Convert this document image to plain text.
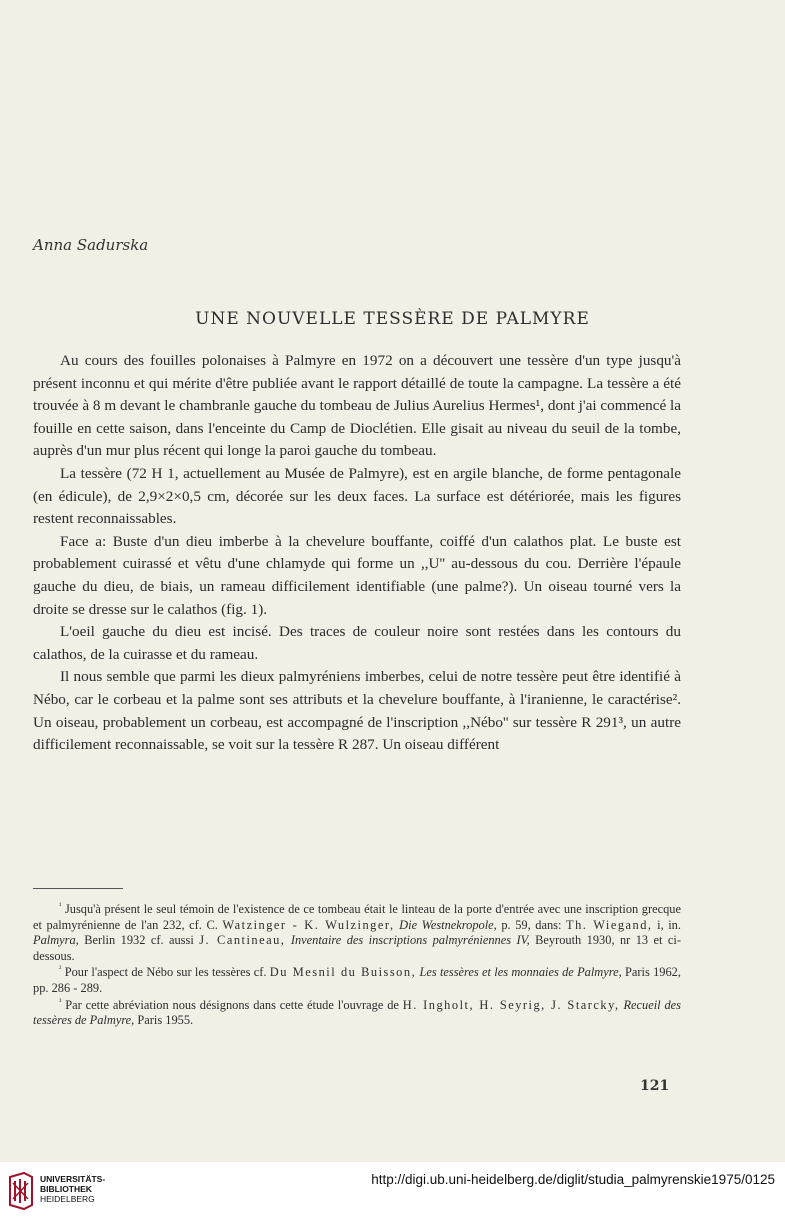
Anna Sadurska
UNE NOUVELLE TESSÈRE DE PALMYRE

Au cours des fouilles polonaises à Palmyre en 1972 on a découvert une tessère d'un type jusqu'à présent inconnu et qui mérite d'être publiée avant le rapport détaillé de toute la campagne. La tessère a été trouvée à 8 m devant le chambranle gauche du tombeau de Julius Aurelius Hermes¹, dont j'ai commencé la fouille en cette saison, dans l'enceinte du Camp de Dioclétien. Elle gisait au niveau du seuil de la tombe, auprès d'un mur plus récent qui longe la paroi gauche du tombeau.

La tessère (72 H 1, actuellement au Musée de Palmyre), est en argile blanche, de forme pentagonale (en édicule), de 2,9×2×0,5 cm, décorée sur les deux faces. La surface est détériorée, mais les figures restent reconnaissables.

Face a: Buste d'un dieu imberbe à la chevelure bouffante, coiffé d'un calathos plat. Le buste est probablement cuirassé et vêtu d'une chlamyde qui forme un ,,U'' au-dessous du cou. Derrière l'épaule gauche du dieu, de biais, un rameau difficilement identifiable (une palme?). Un oiseau tourné vers la droite se dresse sur le calathos (fig. 1).

L'oeil gauche du dieu est incisé. Des traces de couleur noire sont restées dans les contours du calathos, de la cuirasse et du rameau.

Il nous semble que parmi les dieux palmyréniens imberbes, celui de notre tessère peut être identifié à Nébo, car le corbeau et la palme sont ses attributs et la chevelure bouffante, à l'iranienne, le caractérise². Un oiseau, probablement un corbeau, est accompagné de l'inscription ,,Nébo'' sur tessère R 291³, un autre difficilement reconnaissable, se voit sur la tessère R 287. Un oiseau différent

$^{^1}$ Jusqu'à présent le seul témoin de l'existence de ce tombeau était le linteau de la porte d'entrée avec une inscription grecque et palmyrénienne de l'an 232, cf. C. Watzinger - K. Wulzinger, Die Westnekropole, p. 59, dans: Th. Wiegand, i, in. Palmyra, Berlin 1932 cf. aussi J. Cantineau, Inventaire des inscriptions palmyréniennes IV, Beyrouth 1930, nr 13 et ci-dessous.

$^{^2}$ Pour l'aspect de Nébo sur les tessères cf. Du Mesnil du Buisson, Les tessères et les monnaies de Palmyre, Paris 1962, pp. 286 - 289.

$^{^3}$ Par cette abréviation nous désignons dans cette étude l'ouvrage de H. Ingholt, H. Seyrig, J. Starcky, Recueil des tessères de Palmyre, Paris 1955.

121
UNIVERSITÄTS-
BIBLIOTHEK
HEIDELBERG
http://digi.ub.uni-heidelberg.de/diglit/studia_palmyrenskie1975/0125
